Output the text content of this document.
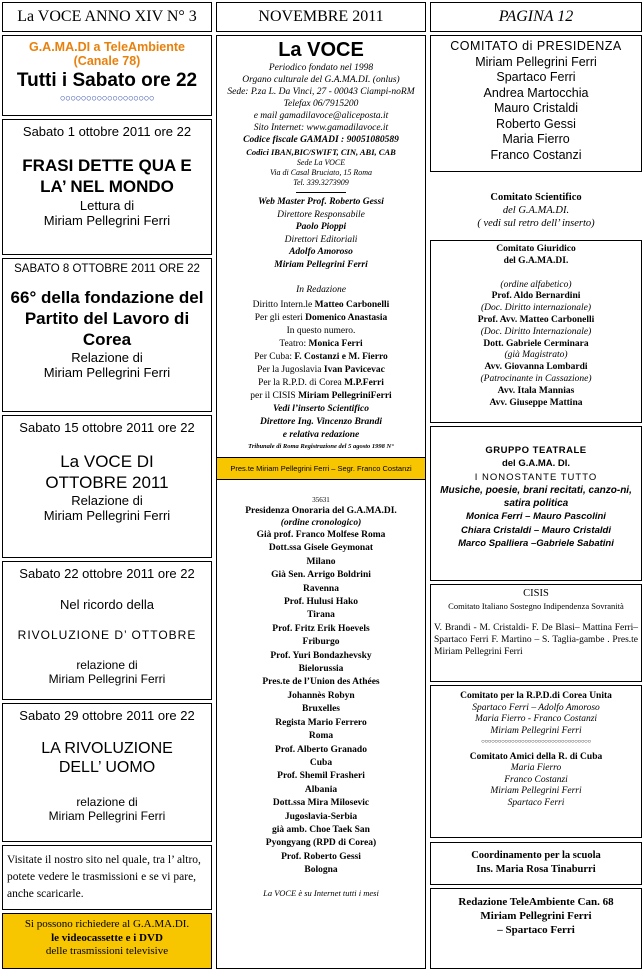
La VOCE ANNO XIV N° 3	NOVEMBRE 2011	PAGINA 12
G.A.MA.DI a TeleAmbiente
(Canale 78)
Tutti i Sabato ore 22
○○○○○○○○○○○○○○○○○○
Sabato 1 ottobre 2011 ore 22
FRASI DETTE QUA E LA’ NEL MONDO
Lettura di
Miriam Pellegrini Ferri
SABATO 8 OTTOBRE 2011 ORE 22
66° della fondazione del Partito del Lavoro di Corea
Relazione di
Miriam Pellegrini Ferri
Sabato 15 ottobre 2011 ore 22
La VOCE DI OTTOBRE 2011
Relazione di
Miriam Pellegrini Ferri
Sabato 22 ottobre 2011 ore 22
Nel ricordo della
RIVOLUZIONE D’ OTTOBRE
relazione di
Miriam Pellegrini Ferri
Sabato 29 ottobre 2011 ore 22
LA RIVOLUZIONE DELL’ UOMO
relazione di
Miriam Pellegrini Ferri
Visitate il nostro sito nel quale, tra l’ altro, potete vedere le trasmissioni e se vi pare, anche scaricarle.
Si possono richiedere al G.A.MA.DI.
le videocassette e i DVD
delle trasmissioni televisive
La VOCE
Periodico fondato nel 1998
Organo culturale del G.A.MA.DI. (onlus)
Sede: P.za L. Da Vinci, 27 - 00043 Ciampi-noRM
Telefax 06/7915200
e mail gamadilavoce@aliceposta.it
Sito Internet: www.gamadilavoce.it
Codice fiscale GAMADI : 90051080589
Codici IBAN,BIC/SWIFT, CIN, ABI, CAB
Sede La VOCE
Via di Casal Bruciato, 15 Roma
Tel. 339.3273909
Web Master Prof. Roberto Gessi
Direttore Responsabile
Paolo Pioppi
Direttori Editoriali
Adolfo Amoroso
Miriam Pellegrini Ferri
In Redazione
Diritto Intern.le Matteo Carbonelli
Per gli esteri Domenico Anastasia
In questo numero.
Teatro: Monica Ferri
Per Cuba: F. Costanzi e M. Fierro
Per la Jugoslavia Ivan Pavicevac
Per la R.P.D. di Corea M.P.Ferri
per il CISIS Miriam PellegriniFerri
Vedi l’inserto Scientifico
Direttore Ing. Vincenzo Brandi
e relativa redazione
Tribunale di Roma Registrazione del 5 agosto 1998 N°
Pres.te Miriam Pellegrini Ferri – Segr. Franco Costanzi
35631
Presidenza Onoraria del G.A.MA.DI.
(ordine cronologico)
Già prof. Franco Molfese Roma
Dott.ssa Gisele Geymonat
Milano
Già Sen. Arrigo Boldrini
Ravenna
Prof. Hulusi Hako
Tirana
Prof. Fritz Erik Hoevels
Friburgo
Prof. Yuri Bondazhevsky
Bielorussia
Pres.te de l’Union des Athées
Johannès Robyn
Bruxelles
Regista Mario Ferrero
Roma
Prof. Alberto Granado
Cuba
Prof. Shemil Frasheri
Albania
Dott.ssa Mira Milosevic
Jugoslavia-Serbia
già amb. Choe Taek San
Pyongyang (RPD di Corea)
Prof. Roberto Gessi
Bologna
La VOCE è su Internet tutti i mesi
COMITATO di PRESIDENZA
Miriam Pellegrini Ferri
Spartaco Ferri
Andrea Martocchia
Mauro Cristaldi
Roberto Gessi
Maria Fierro
Franco Costanzi
Comitato Scientifico
del G.A.MA.DI.
( vedi sul retro dell’ inserto)
Comitato Giuridico
del G.A.MA.DI.
(ordine alfabetico)
Prof. Aldo Bernardini
(Doc. Diritto internazionale)
Prof. Avv. Matteo Carbonelli
(Doc. Diritto Internazionale)
Dott. Gabriele Cerminara
(già Magistrato)
Avv. Giovanna Lombardi
(Patrocinante in Cassazione)
Avv. Itala Mannias
Avv. Giuseppe Mattina
GRUPPO TEATRALE
del G.A.MA. DI.
I NONOSTANTE TUTTO
Musiche, poesie, brani recitati, canzo-ni, satira politica
Monica Ferri – Mauro Pascolini
Chiara Cristaldi – Mauro Cristaldi
Marco Spalliera –Gabriele Sabatini
CISIS
Comitato Italiano Sostegno Indipendenza Sovranità
V. Brandi - M. Cristaldi- F. De Blasi– Mattina Ferri– Spartaco Ferri F. Martino – S. Taglia-gambe . Pres.te Miriam Pellegrini Ferri
Comitato per la R.P.D.di Corea Unita
Spartaco Ferri – Adolfo Amoroso
Maria Fierro - Franco Costanzi
Miriam Pellegrini Ferri
○○○○○○○○○○○○○○○○○○○○○○○○○○○○○○○○○
Comitato Amici della R. di Cuba
Maria Fierro
Franco Costanzi
Miriam Pellegrini Ferri
Spartaco Ferri
Coordinamento per la scuola
Ins. Maria Rosa Tinaburri
Redazione TeleAmbiente Can. 68
Miriam Pellegrini Ferri
– Spartaco Ferri
